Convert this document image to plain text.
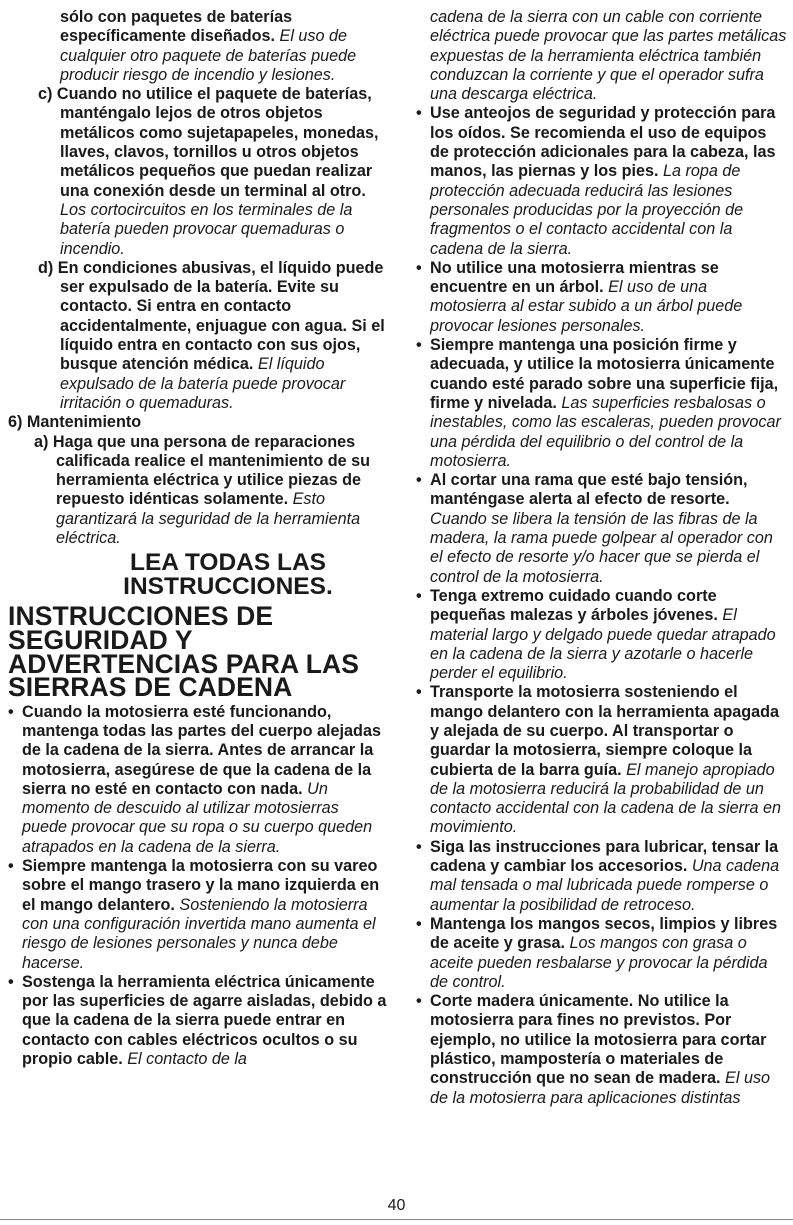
sólo con paquetes de baterías específicamente diseñados. El uso de cualquier otro paquete de baterías puede producir riesgo de incendio y lesiones.

c) Cuando no utilice el paquete de baterías, manténgalo lejos de otros objetos metálicos como sujetapapeles, monedas, llaves, clavos, tornillos u otros objetos metálicos pequeños que puedan realizar una conexión desde un terminal al otro. Los cortocircuitos en los terminales de la batería pueden provocar quemaduras o incendio.

d) En condiciones abusivas, el líquido puede ser expulsado de la batería. Evite su contacto. Si entra en contacto accidentalmente, enjuague con agua. Si el líquido entra en contacto con sus ojos, busque atención médica. El líquido expulsado de la batería puede provocar irritación o quemaduras.

6) Mantenimiento

a) Haga que una persona de reparaciones calificada realice el mantenimiento de su herramienta eléctrica y utilice piezas de repuesto idénticas solamente. Esto garantizará la seguridad de la herramienta eléctrica.

LEA TODAS LAS INSTRUCCIONES.

INSTRUCCIONES DE SEGURIDAD Y ADVERTENCIAS PARA LAS SIERRAS DE CADENA

• Cuando la motosierra esté funcionando, mantenga todas las partes del cuerpo alejadas de la cadena de la sierra. Antes de arrancar la motosierra, asegúrese de que la cadena de la sierra no esté en contacto con nada. Un momento de descuido al utilizar motosierras puede provocar que su ropa o su cuerpo queden atrapados en la cadena de la sierra.

• Siempre mantenga la motosierra con su vareo sobre el mango trasero y la mano izquierda en el mango delantero. Sosteniendo la motosierra con una configuración invertida mano aumenta el riesgo de lesiones personales y nunca debe hacerse.

• Sostenga la herramienta eléctrica únicamente por las superficies de agarre aisladas, debido a que la cadena de la sierra puede entrar en contacto con cables eléctricos ocultos o su propio cable. El contacto de la

cadena de la sierra con un cable con corriente eléctrica puede provocar que las partes metálicas expuestas de la herramienta eléctrica también conduzcan la corriente y que el operador sufra una descarga eléctrica.

• Use anteojos de seguridad y protección para los oídos. Se recomienda el uso de equipos de protección adicionales para la cabeza, las manos, las piernas y los pies. La ropa de protección adecuada reducirá las lesiones personales producidas por la proyección de fragmentos o el contacto accidental con la cadena de la sierra.

• No utilice una motosierra mientras se encuentre en un árbol. El uso de una motosierra al estar subido a un árbol puede provocar lesiones personales.

• Siempre mantenga una posición firme y adecuada, y utilice la motosierra únicamente cuando esté parado sobre una superficie fija, firme y nivelada. Las superficies resbalosas o inestables, como las escaleras, pueden provocar una pérdida del equilibrio o del control de la motosierra.

• Al cortar una rama que esté bajo tensión, manténgase alerta al efecto de resorte. Cuando se libera la tensión de las fibras de la madera, la rama puede golpear al operador con el efecto de resorte y/o hacer que se pierda el control de la motosierra.

• Tenga extremo cuidado cuando corte pequeñas malezas y árboles jóvenes. El material largo y delgado puede quedar atrapado en la cadena de la sierra y azotarle o hacerle perder el equilibrio.

• Transporte la motosierra sosteniendo el mango delantero con la herramienta apagada y alejada de su cuerpo. Al transportar o guardar la motosierra, siempre coloque la cubierta de la barra guía. El manejo apropiado de la motosierra reducirá la probabilidad de un contacto accidental con la cadena de la sierra en movimiento.

• Siga las instrucciones para lubricar, tensar la cadena y cambiar los accesorios. Una cadena mal tensada o mal lubricada puede romperse o aumentar la posibilidad de retroceso.

• Mantenga los mangos secos, limpios y libres de aceite y grasa. Los mangos con grasa o aceite pueden resbalarse y provocar la pérdida de control.

• Corte madera únicamente. No utilice la motosierra para fines no previstos. Por ejemplo, no utilice la motosierra para cortar plástico, mampostería o materiales de construcción que no sean de madera. El uso de la motosierra para aplicaciones distintas

40
